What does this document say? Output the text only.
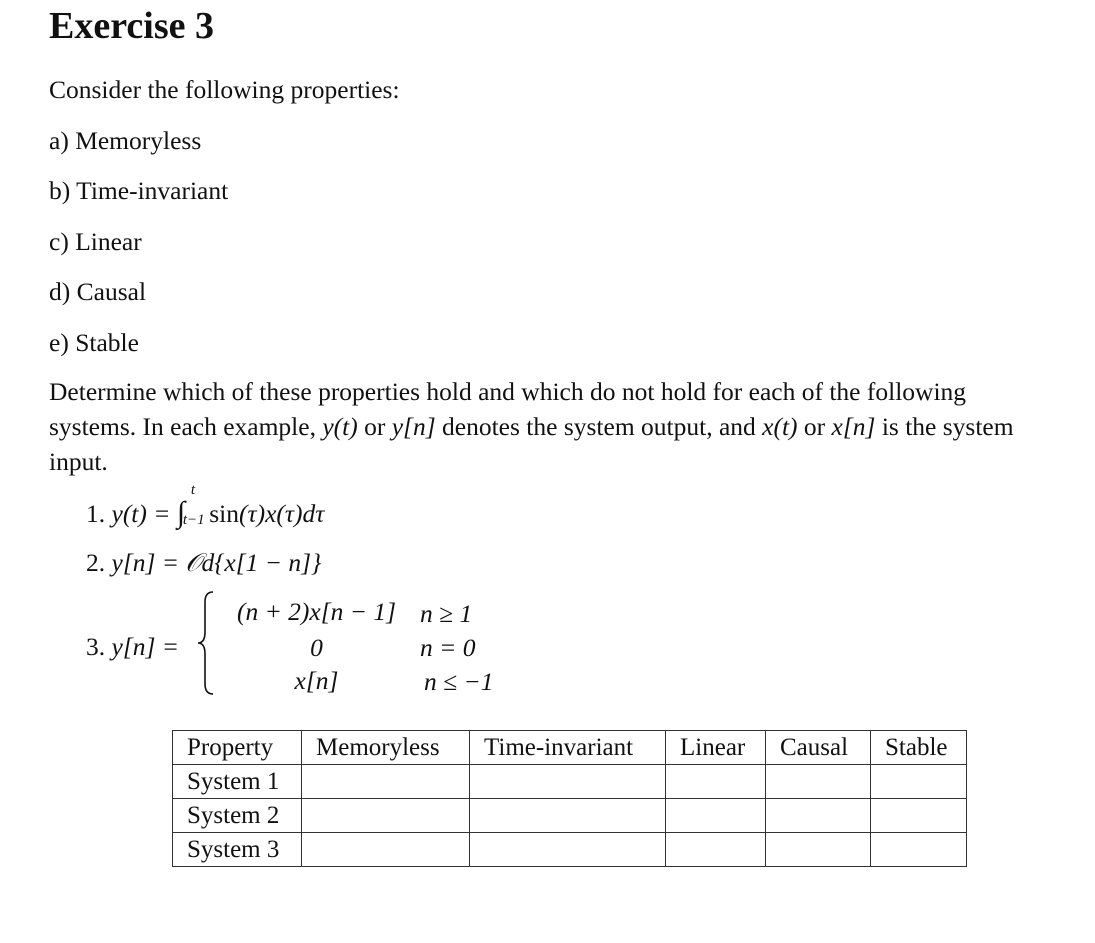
Exercise 3
Consider the following properties:
a) Memoryless
b) Time-invariant
c) Linear
d) Causal
e) Stable
Determine which of these properties hold and which do not hold for each of the following
systems. In each example, y(t) or y[n] denotes the system output, and x(t) or x[n] is the system
input.
1. y(t) = ∫
t
t−1 sin(τ)x(τ)dτ
2. y[n] = 𝒪d{x[1 − n]}
3. y[n] =
(n + 2)x[n − 1] n ≥ 1
0	n = 0
x[n]	n ≤ −1
Property	Memoryless	Time-invariant	Linear	Causal	Stable
System 1					
System 2					
System 3					
